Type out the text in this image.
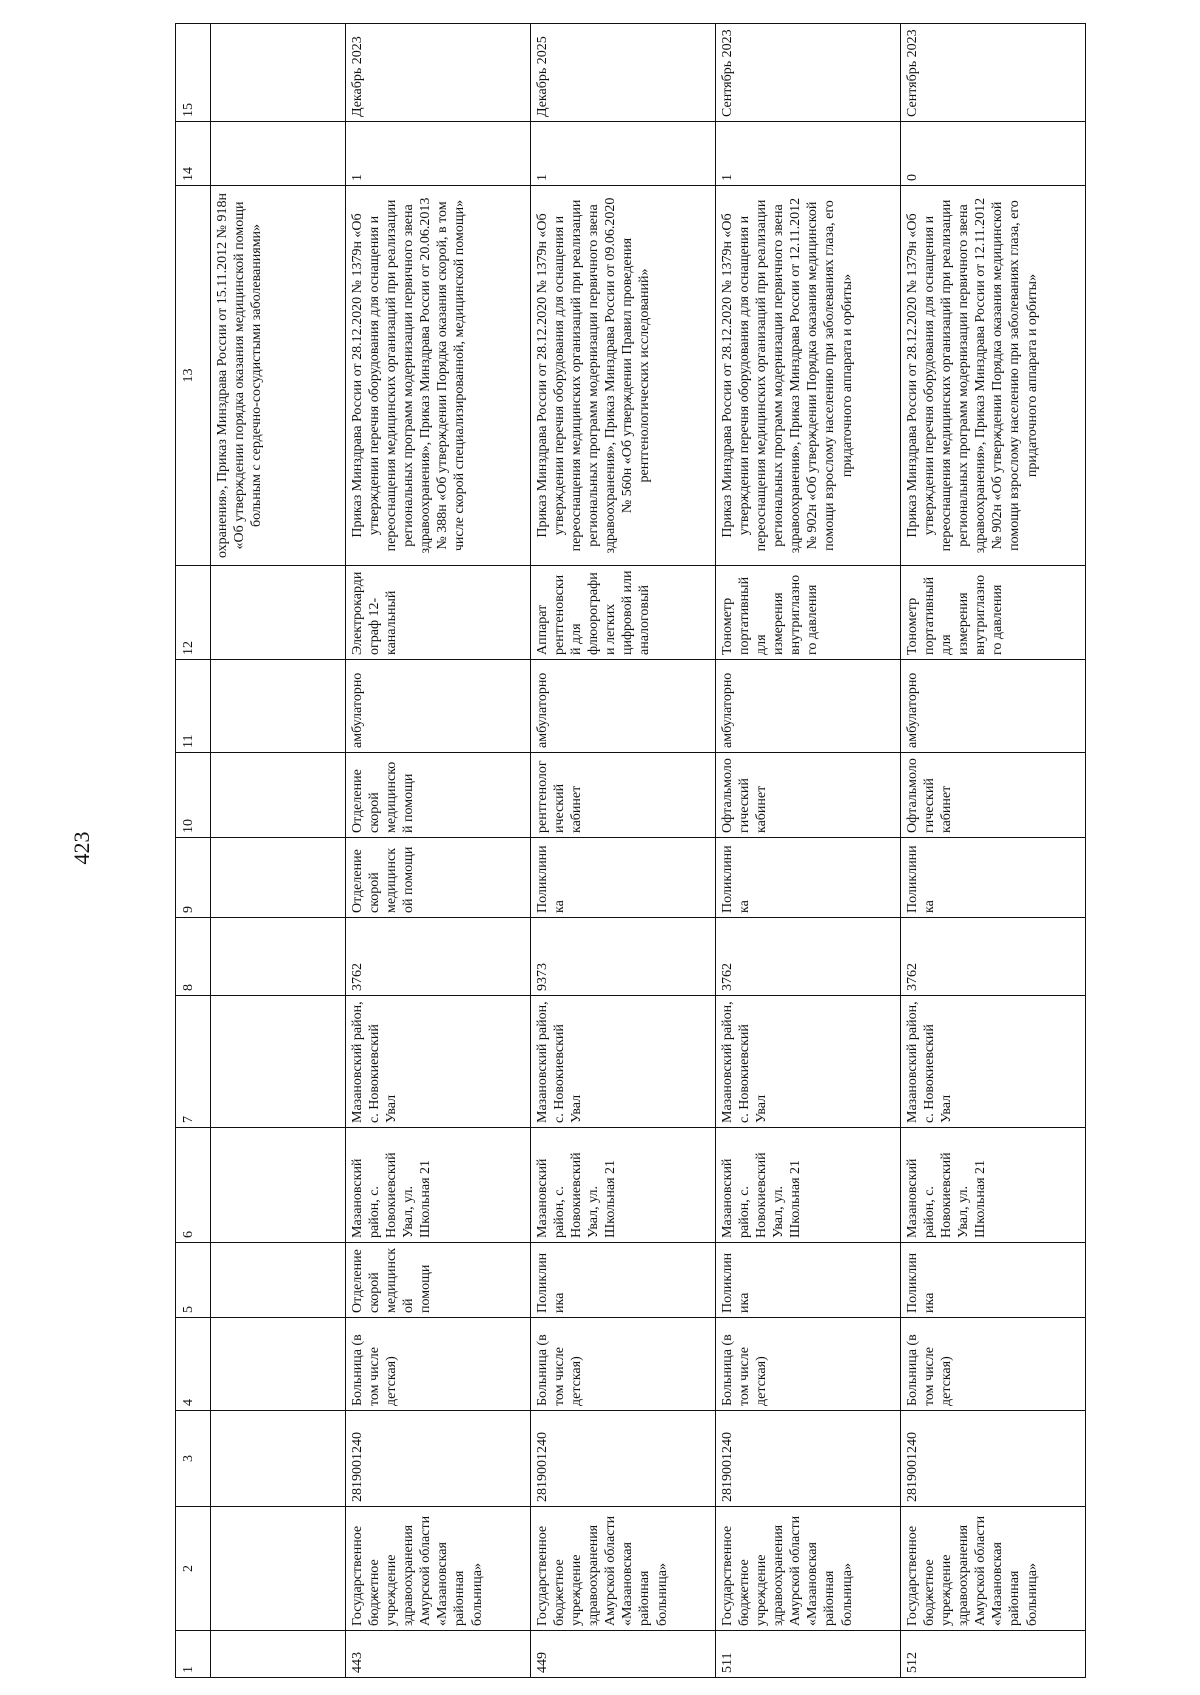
423
1	2	3	4	5	6	7	8	9	10	11	12	13	14	15
												охранения», Приказ Минздрава России от 15.11.2012 № 918н «Об утверждении порядка оказания медицинской помощи больным с сердечно-сосудистыми заболеваниями»		
443	Государственное бюджетное учреждение здравоохранения Амурской области «Мазановская районная больница»	2819001240	Больница (в том числе детская)	Отделение скорой медицинской помощи	Мазановский район, с. Новокиевский Увал, ул. Школьная 21	Мазановский район, с. Новокиевский Увал	3762	Отделение скорой медицинской помощи	Отделение скорой медицинской помощи	амбулаторно	Электрокардиограф 12-канальный	Приказ Минздрава России от 28.12.2020 № 1379н «Об утверждении перечня оборудования для оснащения и переоснащения медицинских организаций при реализации региональных программ модернизации первичного звена здравоохранения», Приказ Минздрава России от 20.06.2013 № 388н «Об утверждении Порядка оказания скорой, в том числе скорой специализированной, медицинской помощи»	1	Декабрь 2023
449	Государственное бюджетное учреждение здравоохранения Амурской области «Мазановская районная больница»	2819001240	Больница (в том числе детская)	Поликлиника	Мазановский район, с. Новокиевский Увал, ул. Школьная 21	Мазановский район, с. Новокиевский Увал	9373	Поликлиника	рентгенологический кабинет	амбулаторно	Аппарат рентгеновский для флюорографии легких цифровой или аналоговый	Приказ Минздрава России от 28.12.2020 № 1379н «Об утверждении перечня оборудования для оснащения и переоснащения медицинских организаций при реализации региональных программ модернизации первичного звена здравоохранения», Приказ Минздрава России от 09.06.2020 № 560н «Об утверждении Правил проведения рентгенологических исследований»	1	Декабрь 2025
511	Государственное бюджетное учреждение здравоохранения Амурской области «Мазановская районная больница»	2819001240	Больница (в том числе детская)	Поликлиника	Мазановский район, с. Новокиевский Увал, ул. Школьная 21	Мазановский район, с. Новокиевский Увал	3762	Поликлиника	Офтальмологический кабинет	амбулаторно	Тонометр портативный для измерения внутриглазного давления	Приказ Минздрава России от 28.12.2020 № 1379н «Об утверждении перечня оборудования для оснащения и переоснащения медицинских организаций при реализации региональных программ модернизации первичного звена здравоохранения», Приказ Минздрава России от 12.11.2012 № 902н «Об утверждении Порядка оказания медицинской помощи взрослому населению при заболеваниях глаза, его придаточного аппарата и орбиты»	1	Сентябрь 2023
512	Государственное бюджетное учреждение здравоохранения Амурской области «Мазановская районная больница»	2819001240	Больница (в том числе детская)	Поликлиника	Мазановский район, с. Новокиевский Увал, ул. Школьная 21	Мазановский район, с. Новокиевский Увал	3762	Поликлиника	Офтальмологический кабинет	амбулаторно	Тонометр портативный для измерения внутриглазного давления	Приказ Минздрава России от 28.12.2020 № 1379н «Об утверждении перечня оборудования для оснащения и переоснащения медицинских организаций при реализации региональных программ модернизации первичного звена здравоохранения», Приказ Минздрава России от 12.11.2012 № 902н «Об утверждении Порядка оказания медицинской помощи взрослому населению при заболеваниях глаза, его придаточного аппарата и орбиты»	0	Сентябрь 2023
